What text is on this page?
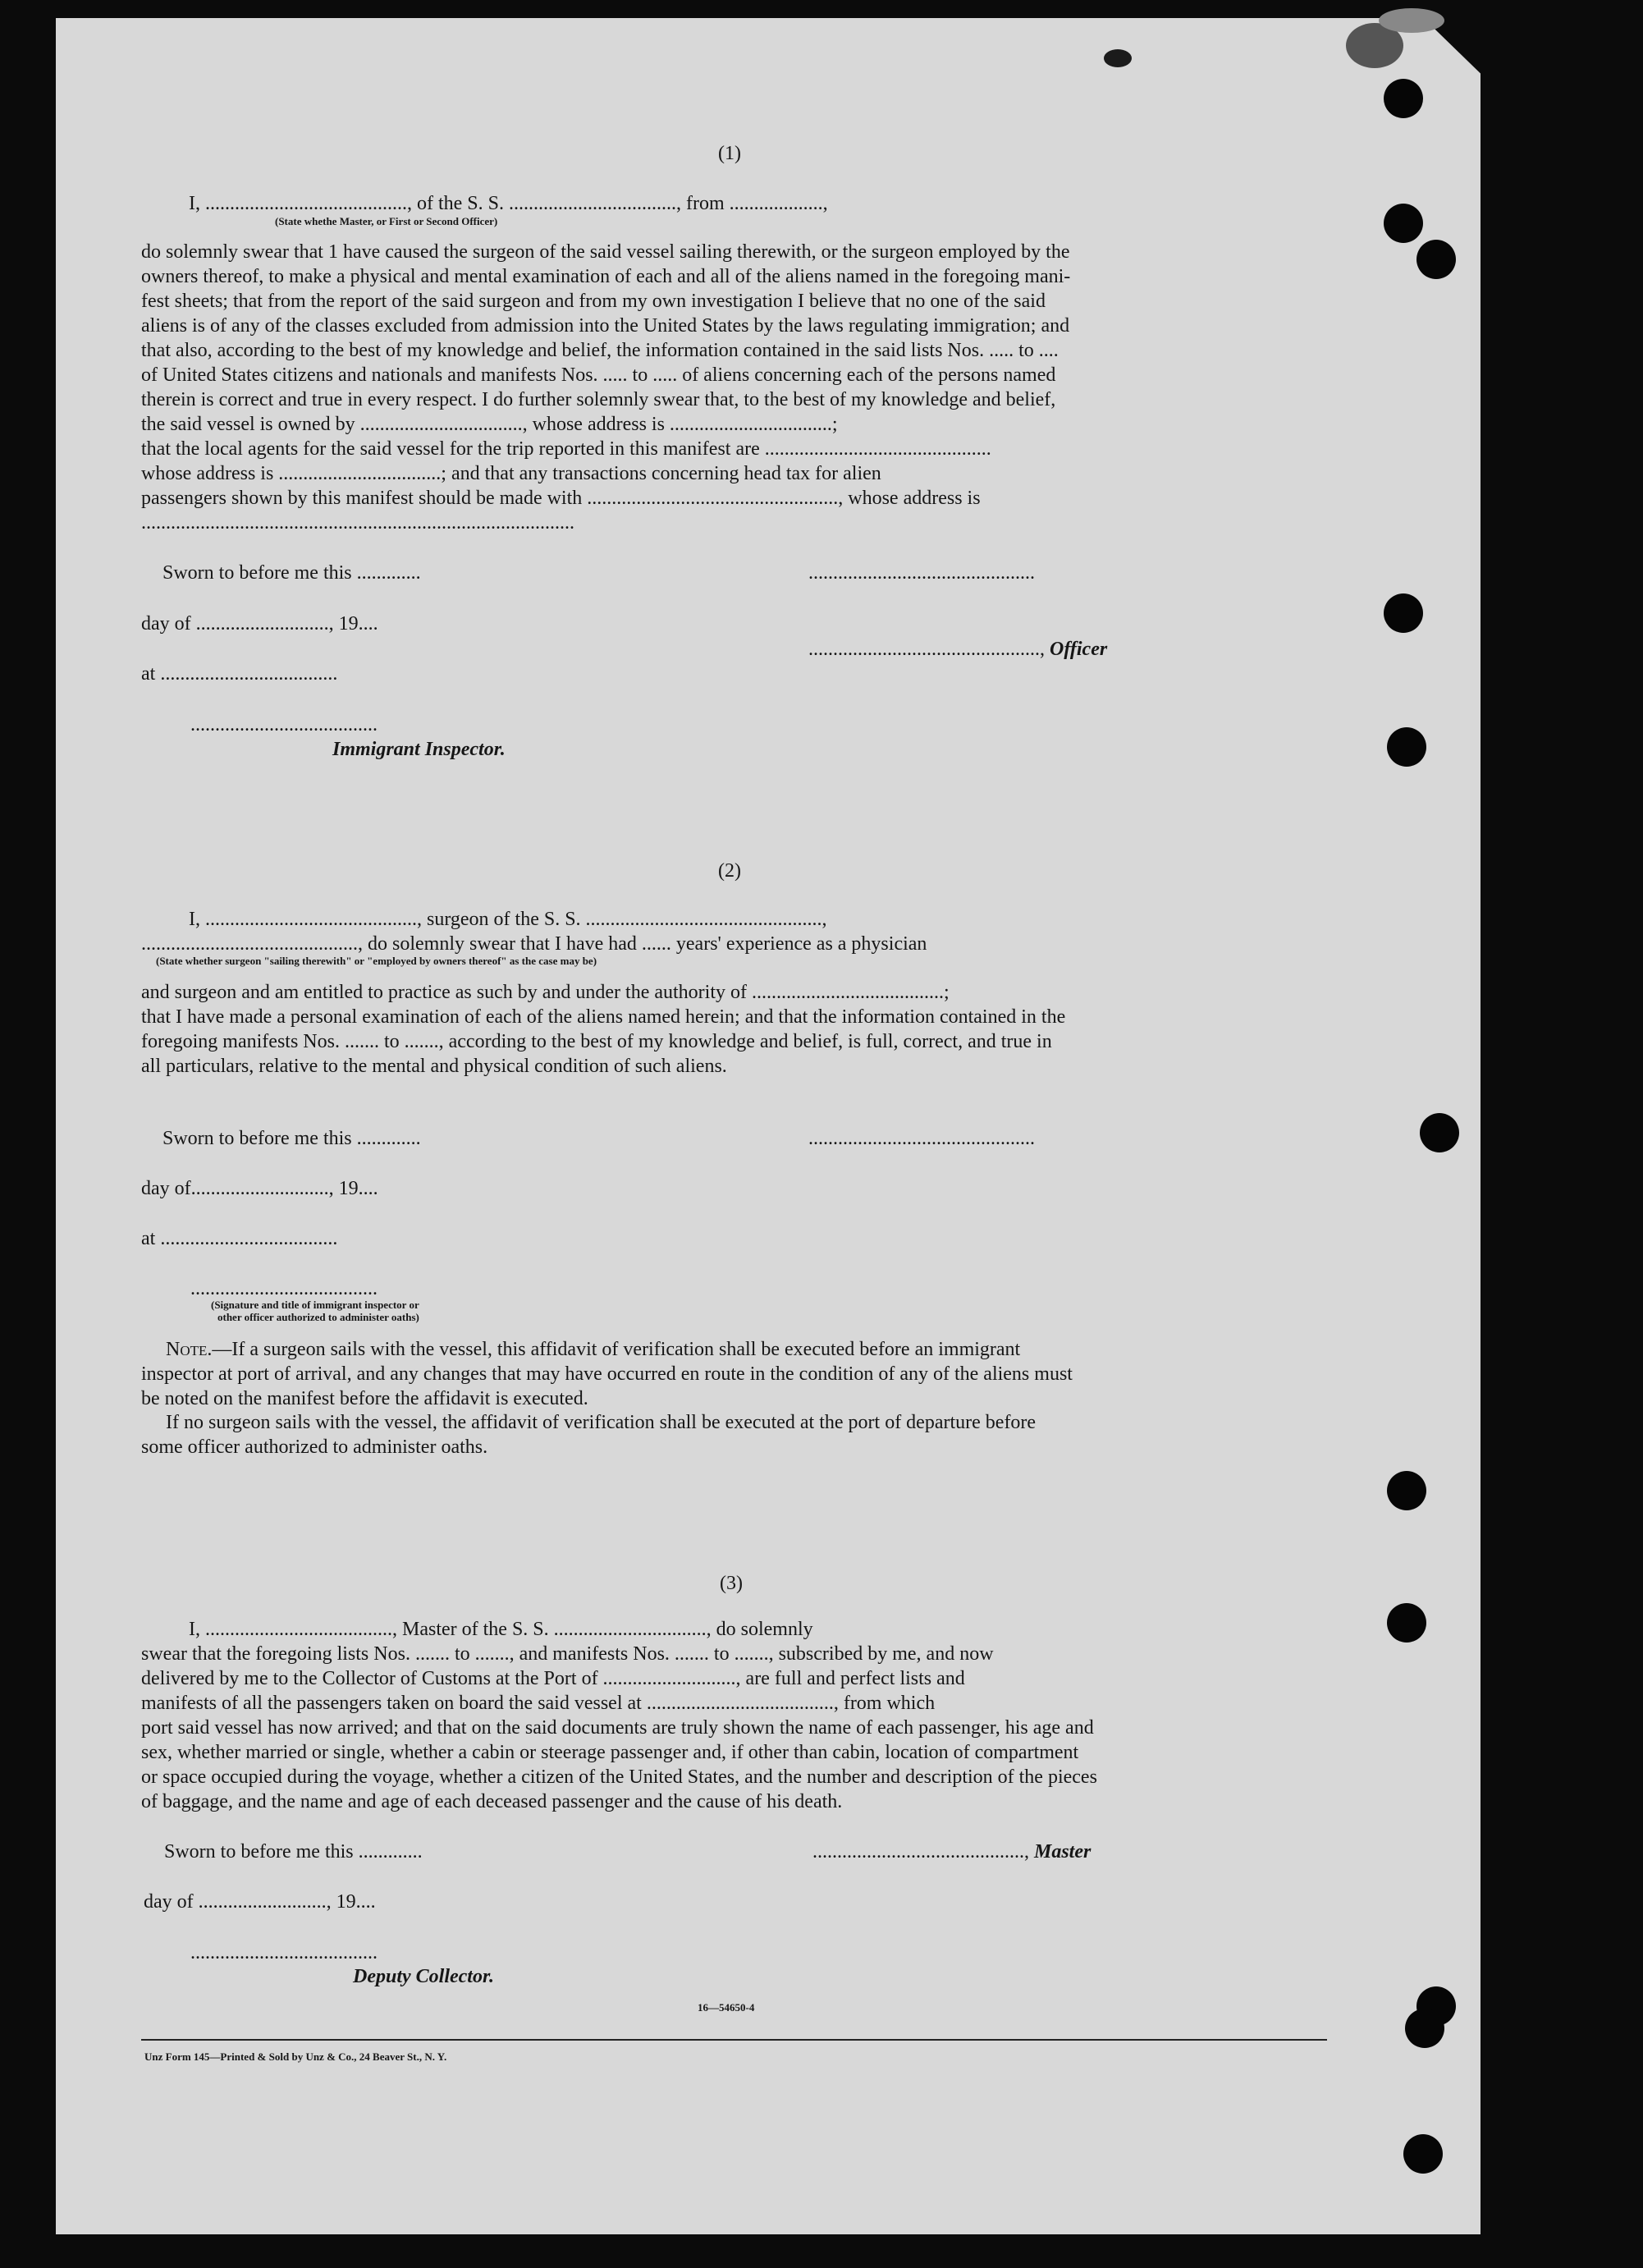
(1)
I, ........................................., of the S. S. .................................., from ...................,
(State whethe Master, or First or Second Officer)
do solemnly swear that 1 have caused the surgeon of the said vessel sailing therewith, or the surgeon employed by the
owners thereof, to make a physical and mental examination of each and all of the aliens named in the foregoing mani-
fest sheets; that from the report of the said surgeon and from my own investigation I believe that no one of the said
aliens is of any of the classes excluded from admission into the United States by the laws regulating immigration; and
that also, according to the best of my knowledge and belief, the information contained in the said lists Nos. ..... to ....
of United States citizens and nationals and manifests Nos. ..... to ..... of aliens concerning each of the persons named
therein is correct and true in every respect. I do further solemnly swear that, to the best of my knowledge and belief,
the said vessel is owned by ................................., whose address is .................................;
that the local agents for the said vessel for the trip reported in this manifest are ..............................................
whose address is .................................; and that any transactions concerning head tax for alien
passengers shown by this manifest should be made with ..................................................., whose address is
........................................................................................
Sworn to before me this .............	..............................................
day of ..........................., 19....
..............................................., Officer
at ....................................
......................................
Immigrant Inspector.
(2)
I, ..........................................., surgeon of the S. S. ................................................,
............................................, do solemnly swear that I have had ...... years' experience as a physician
(State whether surgeon "sailing therewith" or "employed by owners thereof" as the case may be)
and surgeon and am entitled to practice as such by and under the authority of .......................................;
that I have made a personal examination of each of the aliens named herein; and that the information contained in the
foregoing manifests Nos. ....... to ......., according to the best of my knowledge and belief, is full, correct, and true in
all particulars, relative to the mental and physical condition of such aliens.
Sworn to before me this .............	..............................................
day of............................, 19....
at ....................................
......................................
(Signature and title of immigrant inspector or
other officer authorized to administer oaths)
Note.—If a surgeon sails with the vessel, this affidavit of verification shall be executed before an immigrant
inspector at port of arrival, and any changes that may have occurred en route in the condition of any of the aliens must
be noted on the manifest before the affidavit is executed.
If no surgeon sails with the vessel, the affidavit of verification shall be executed at the port of departure before
some officer authorized to administer oaths.
(3)
I, ......................................, Master of the S. S. ..............................., do solemnly
swear that the foregoing lists Nos. ....... to ......., and manifests Nos. ....... to ......., subscribed by me, and now
delivered by me to the Collector of Customs at the Port of ..........................., are full and perfect lists and
manifests of all the passengers taken on board the said vessel at ......................................, from which
port said vessel has now arrived; and that on the said documents are truly shown the name of each passenger, his age and
sex, whether married or single, whether a cabin or steerage passenger and, if other than cabin, location of compartment
or space occupied during the voyage, whether a citizen of the United States, and the number and description of the pieces
of baggage, and the name and age of each deceased passenger and the cause of his death.
Sworn to before me this .............	..........................................., Master
day of .........................., 19....
......................................
Deputy Collector.
16—54650-4
Unz Form 145—Printed & Sold by Unz & Co., 24 Beaver St., N. Y.
